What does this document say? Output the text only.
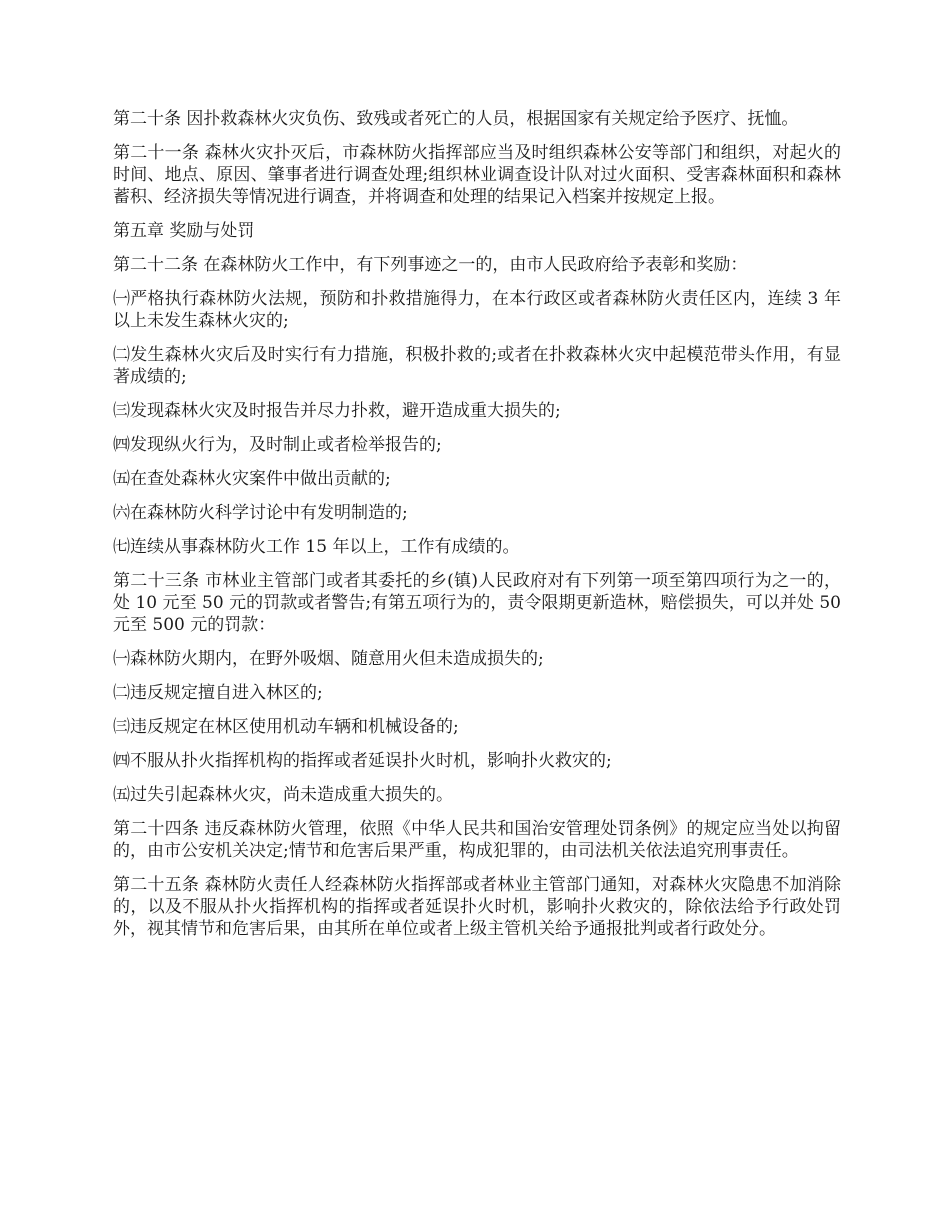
第二十条 因扑救森林火灾负伤、致残或者死亡的人员，根据国家有关规定给予医疗、抚恤。

第二十一条 森林火灾扑灭后，市森林防火指挥部应当及时组织森林公安等部门和组织，对起火的时间、地点、原因、肇事者进行调查处理;组织林业调查设计队对过火面积、受害森林面积和森林蓄积、经济损失等情况进行调查，并将调查和处理的结果记入档案并按规定上报。

第五章 奖励与处罚

第二十二条 在森林防火工作中，有下列事迹之一的，由市人民政府给予表彰和奖励：

㈠严格执行森林防火法规，预防和扑救措施得力，在本行政区或者森林防火责任区内，连续 3 年以上未发生森林火灾的;

㈡发生森林火灾后及时实行有力措施，积极扑救的;或者在扑救森林火灾中起模范带头作用，有显著成绩的;

㈢发现森林火灾及时报告并尽力扑救，避开造成重大损失的;

㈣发现纵火行为，及时制止或者检举报告的;

㈤在查处森林火灾案件中做出贡献的;

㈥在森林防火科学讨论中有发明制造的;

㈦连续从事森林防火工作 15 年以上，工作有成绩的。

第二十三条 市林业主管部门或者其委托的乡(镇)人民政府对有下列第一项至第四项行为之一的，处 10 元至 50 元的罚款或者警告;有第五项行为的，责令限期更新造林，赔偿损失，可以并处 50 元至 500 元的罚款：

㈠森林防火期内，在野外吸烟、随意用火但未造成损失的;

㈡违反规定擅自进入林区的;

㈢违反规定在林区使用机动车辆和机械设备的;

㈣不服从扑火指挥机构的指挥或者延误扑火时机，影响扑火救灾的;

㈤过失引起森林火灾，尚未造成重大损失的。

第二十四条 违反森林防火管理，依照《中华人民共和国治安管理处罚条例》的规定应当处以拘留的，由市公安机关决定;情节和危害后果严重，构成犯罪的，由司法机关依法追究刑事责任。

第二十五条 森林防火责任人经森林防火指挥部或者林业主管部门通知，对森林火灾隐患不加消除的，以及不服从扑火指挥机构的指挥或者延误扑火时机，影响扑火救灾的，除依法给予行政处罚外，视其情节和危害后果，由其所在单位或者上级主管机关给予通报批判或者行政处分。
